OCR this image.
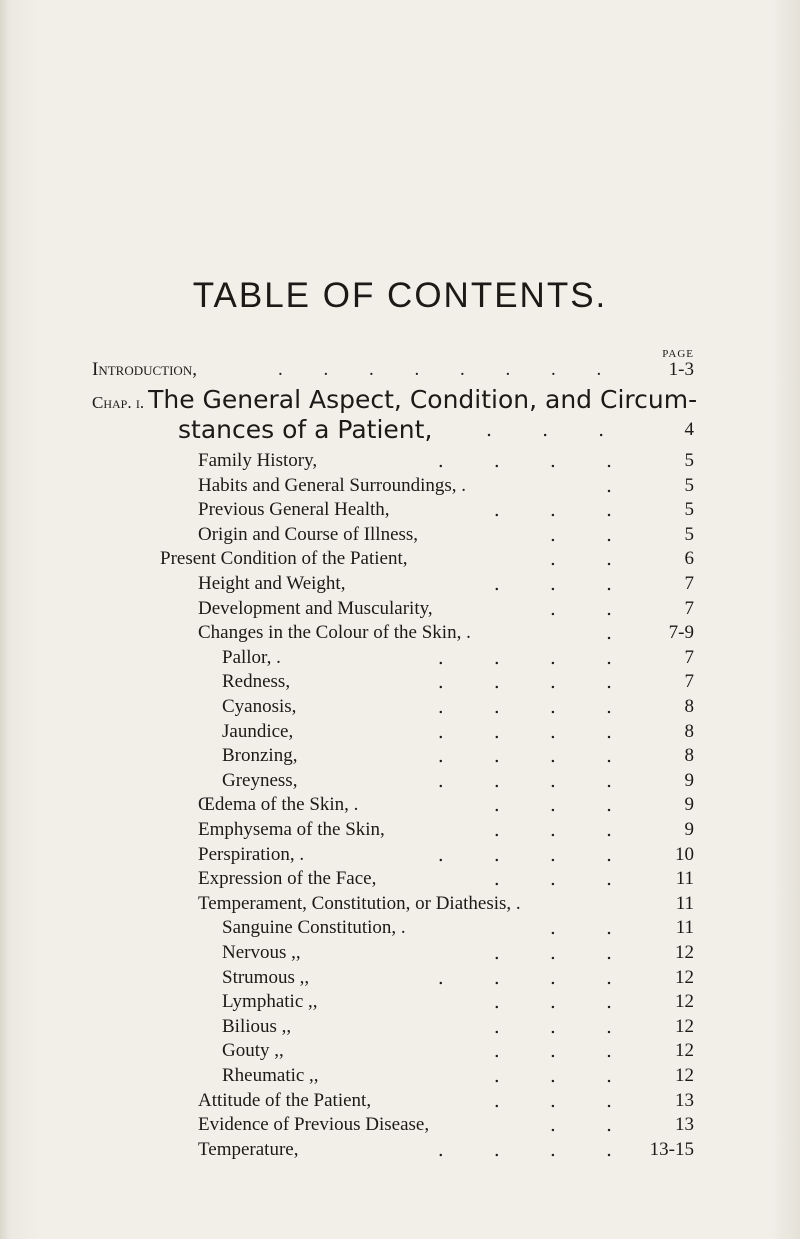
TABLE OF CONTENTS.
PAGE
Introduction,	. . . . . . . .	1-3
Chap. i. The General Aspect, Condition, and Circum-
stances of a Patient,	. . .	4
Family History,	. . . .	5
Habits and General Surroundings, .	.	5
Previous General Health,	. . .	5
Origin and Course of Illness,	. .	5
Present Condition of the Patient,	. .	6
Height and Weight,	. . .	7
Development and Muscularity,	. .	7
Changes in the Colour of the Skin, .	. 7-9
Pallor, .	. . . .	7
Redness,	. . . .	7
Cyanosis,	. . . .	8
Jaundice,	. . . .	8
Bronzing,	. . . .	8
Greyness,	. . . .	9
Œdema of the Skin, .	. . .	9
Emphysema of the Skin,	. . .	9
Perspiration, .	. . . . 10
Expression of the Face,	. . . 11
Temperament, Constitution, or Diathesis, .	11
Sanguine Constitution, .	. . 11
Nervous ,,	. . . 12
Strumous ,,	. . . . 12
Lymphatic ,,	. . . 12
Bilious ,,	. . . 12
Gouty ,,	. . . 12
Rheumatic ,,	. . . 12
Attitude of the Patient,	. . . 13
Evidence of Previous Disease,	. . 13
Temperature,	. . . . 13-15
